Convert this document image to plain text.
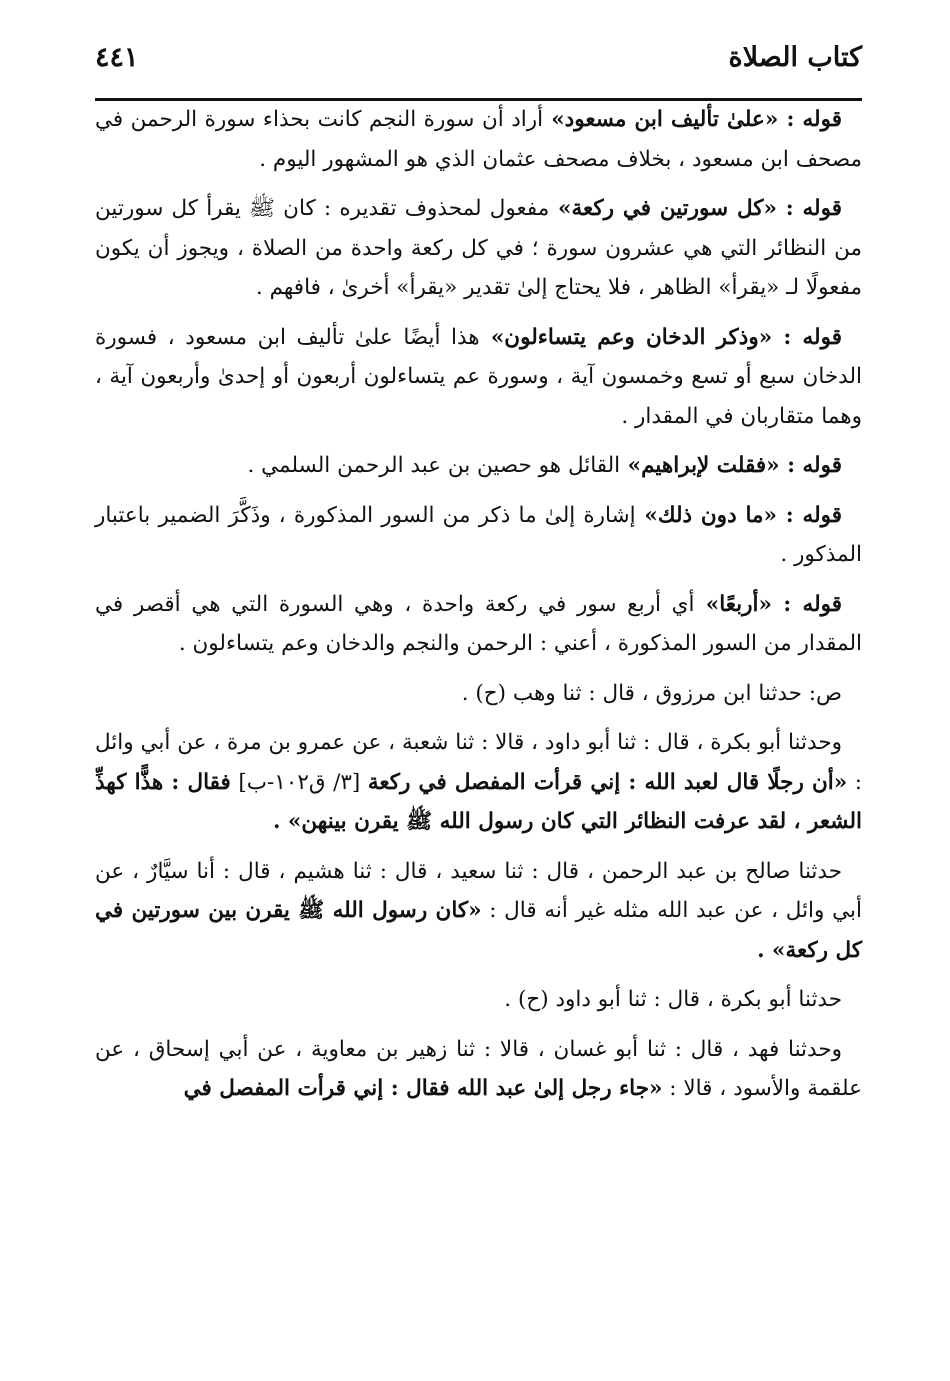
كتاب الصلاة
٤٤١

قوله : «علىٰ تأليف ابن مسعود» أراد أن سورة النجم كانت بحذاء سورة الرحمن في مصحف ابن مسعود ، بخلاف مصحف عثمان الذي هو المشهور اليوم .

قوله : «كل سورتين في ركعة» مفعول لمحذوف تقديره : كان ﷺ يقرأ كل سورتين من النظائر التي هي عشرون سورة ؛ في كل ركعة واحدة من الصلاة ، ويجوز أن يكون مفعولًا لـ «يقرأ» الظاهر ، فلا يحتاج إلىٰ تقدير «يقرأ» أخرىٰ ، فافهم .

قوله : «وذكر الدخان وعم يتساءلون» هذا أيضًا علىٰ تأليف ابن مسعود ، فسورة الدخان سبع أو تسع وخمسون آية ، وسورة عم يتساءلون أربعون أو إحدىٰ وأربعون آية ، وهما متقاربان في المقدار .

قوله : «فقلت لإبراهيم» القائل هو حصين بن عبد الرحمن السلمي .

قوله : «ما دون ذلك» إشارة إلىٰ ما ذكر من السور المذكورة ، وذَكَّرَ الضمير باعتبار المذكور .

قوله : «أربعًا» أي أربع سور في ركعة واحدة ، وهي السورة التي هي أقصر في المقدار من السور المذكورة ، أعني : الرحمن والنجم والدخان وعم يتساءلون .

ص: حدثنا ابن مرزوق ، قال : ثنا وهب (ح) .

وحدثنا أبو بكرة ، قال : ثنا أبو داود ، قالا : ثنا شعبة ، عن عمرو بن مرة ، عن أبي وائل : «أن رجلًا قال لعبد الله : إني قرأت المفصل في ركعة [٣/ ق١٠٢-ب] فقال : هذًّا كهذِّ الشعر ، لقد عرفت النظائر التي كان رسول الله ﷺ يقرن بينهن» .

حدثنا صالح بن عبد الرحمن ، قال : ثنا سعيد ، قال : ثنا هشيم ، قال : أنا سيَّارٌ ، عن أبي وائل ، عن عبد الله مثله غير أنه قال : «كان رسول الله ﷺ يقرن بين سورتين في كل ركعة» .

حدثنا أبو بكرة ، قال : ثنا أبو داود (ح) .

وحدثنا فهد ، قال : ثنا أبو غسان ، قالا : ثنا زهير بن معاوية ، عن أبي إسحاق ، عن علقمة والأسود ، قالا : «جاء رجل إلىٰ عبد الله فقال : إني قرأت المفصل في
